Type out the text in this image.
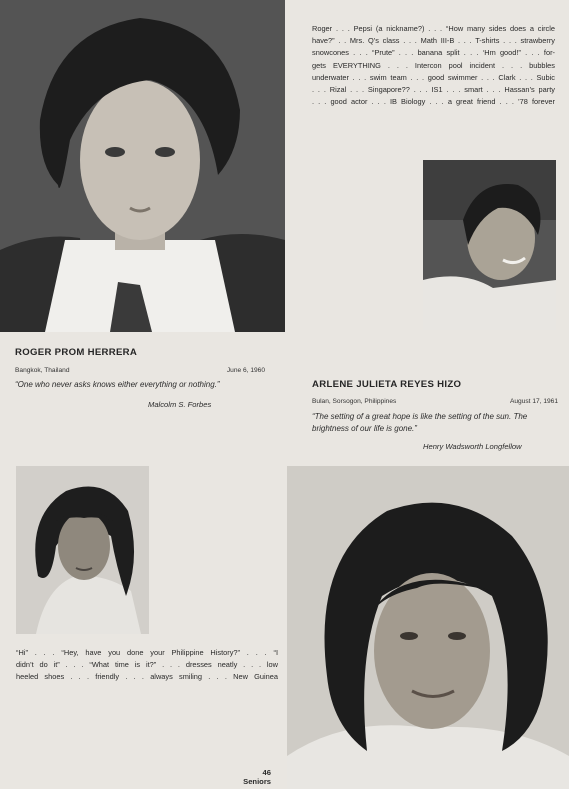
Roger . . . Pepsi (a nickname?) . . . “How many sides does a circle
have?” . . Mrs. Q’s class . . . Math III-B . . . T-shirts . . . strawberry
snowcones . . . “Prute” . . . banana split . . . ‘Hm good!” . . . for-
gets EVERYTHING . . . Intercon pool incident . . . bubbles
underwater . . . swim team . . . good swimmer . . . Clark . . . Subic
. . . Rizal . . . Singapore?? . . . IS1 . . . smart . . . Hassan’s party
. . . good actor . . . IB Biology . . . a great friend . . . ’78 forever
ROGER PROM HERRERA
Bangkok, Thailand	June 6, 1960
“One who never asks knows either everything or nothing.”
Malcolm S. Forbes
ARLENE JULIETA REYES HIZO
Bulan, Sorsogon, Philippines	August 17, 1961
“The setting of a great hope is like the setting of the sun. The
brightness of our life is gone.”
Henry Wadsworth Longfellow
“Hi” . . . “Hey, have you done your Philippine History?” . . . “I
didn’t do it” . . . “What time is it?” . . . dresses neatly . . . low
heeled shoes . . . friendly . . . always smiling . . . New Guinea
46
Seniors
